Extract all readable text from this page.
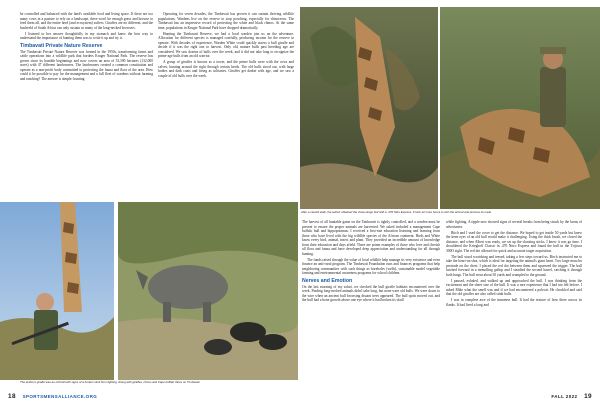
be controlled and balanced with the land's available food and living space. If there are too many cows in a pasture to rely on a landscape, there won't be enough grass and browse to feed them all, and the entire herd (and ecosystem) suffers. Giraffes are no different, and the bushveld of South Africa can only sustain so many of the long-necked browsers.

I listened to her answer thoughtfully in my stomach and knew the best way to understand the importance of hunting them was to write it up and try it.

Timbavati Private Nature Reserve

The Timbavati Private Nature Reserve was formed in the 1950s, transforming farms and cattle operations into a wildlife park that borders Kruger National Park. The reserve has grown since its humble beginnings and now covers an area of 53,390 hectares (132,000 acres) with 47 different landowners. The landowners created a common constitution and operate as a non-profit body committed to protecting the fauna and flora of the area. How could it be possible to pay for the management and a full fleet of wardens without farming and ranching? The answer is simple: hunting.

Operating for seven decades, the Timbavati has proven it can sustain thriving wildlife populations. Wardens live on the reserve to stop poaching, especially for rhinoceros. The Timbavati has an impressive record of protecting the white and black rhinos. At the same time, populations in Kruger National Park have dropped dramatically.

Hunting the Timbavati Reserve, we had a local warden join us on the adventure. Allocation for different species is managed carefully, producing income for the reserve to operate. With decades of experience, Warden White could quickly assess a bull giraffe and decide if it was the right one to harvest. Only old, mature bulls past breeding age are considered. We saw dozens of bulls over the week, and it did not take long to recognize the prime-age bulls from an old warrior.

A group of giraffes is known as a tower, and the prime bulls were with the cows and calves, hunting around the right through certain herds. The old bulls stood out, with large bodies and dark coats and living as solitaries. Giraffes get darker with age, and we saw a couple of old bulls over the week.

After a careful stalk, the author obtained the close-range bull with a .470 Nitro Express. It took 12 more hours to skin the animal and process its meat.
The author's giraffe was an old bull with signs of a broken skull from fighting. Along with giraffes, rhinos and Cape buffalo thrive on Timbavati.

The harvest of all huntable game on the Timbavati is tightly controlled, and a warden must be present to ensure the proper animals are harvested. We asked included a management Cape buffalo bull and hippopotamus. I received a first-rate education listening and learning from those who have lived with the big wildlife species of the African continent. Birds and White know every bird, animal, insect and plant. They provided an incredible amount of knowledge from their education and days afield. There are prime examples of those who love and cherish all flora and fauna and have developed deep appreciation and understanding for all through hunting.

The funds raised through the value of local wildlife help manage its very existence and even finance an anti-rural program. The Timbavati Foundation runs and finances programs that help neighboring communities with such things as boreholes (wells), sustainable model vegetable farming and environmental awareness programs for school children.

Nerves and Emotion

On the last morning of my safari, we checked the bull giraffe habitats encountered over the week. Finding long-necked animals didn't take long, but none were old bulls. We were down to the wire when an ancient bull browsing distant trees appeared. The bull spots moved out, and the bull had a bone growth above one eye where it had broken its skull

while fighting. A ripple now showed signs of several breaks from being struck by the horns of adversaries.

Bitch and I used the cover to get the distance. We hoped to get inside 50 yards but knew the keen eyes of an old bull would make it challenging. Using the thick brush, we closed the distance, and when Albert was ready, we set up the shooting sticks. I knew it was go time. I shouldered the Krieghoff Classic in .470 Nitro Express and found the bull in the Trijicon 300O sight. The red dot allowed for quick and accurate target acquisition.

The bull stood scratching and tensed, taking a few steps toward us. Birch instructed me to take the heart-on shot, which is ideal for targeting the animal's giant heart. Two large muscles protrude on the chest. I placed the red dot between them and squeezed the trigger. The bull lurched forward in a tremolling gallop and I steadied the second barrel, catching it through both lungs. The bull went about 50 yards and crumpled to the ground.

I paused, exhaled, and walked up and approached the bull. I was thinking from the excitement and the sheer size of the bull. It was a rare experience that I had not felt before. I asked Mike what the smell was and if we had encountered a polecat. He chuckled and said that the old giraffes are also called stink bulls.

I was in complete awe of the immense bull. It had the texture of how there across its flanks. It had lived a long and

18 SPORTSMENSALLIANCE.ORG	FALL 2022 19
